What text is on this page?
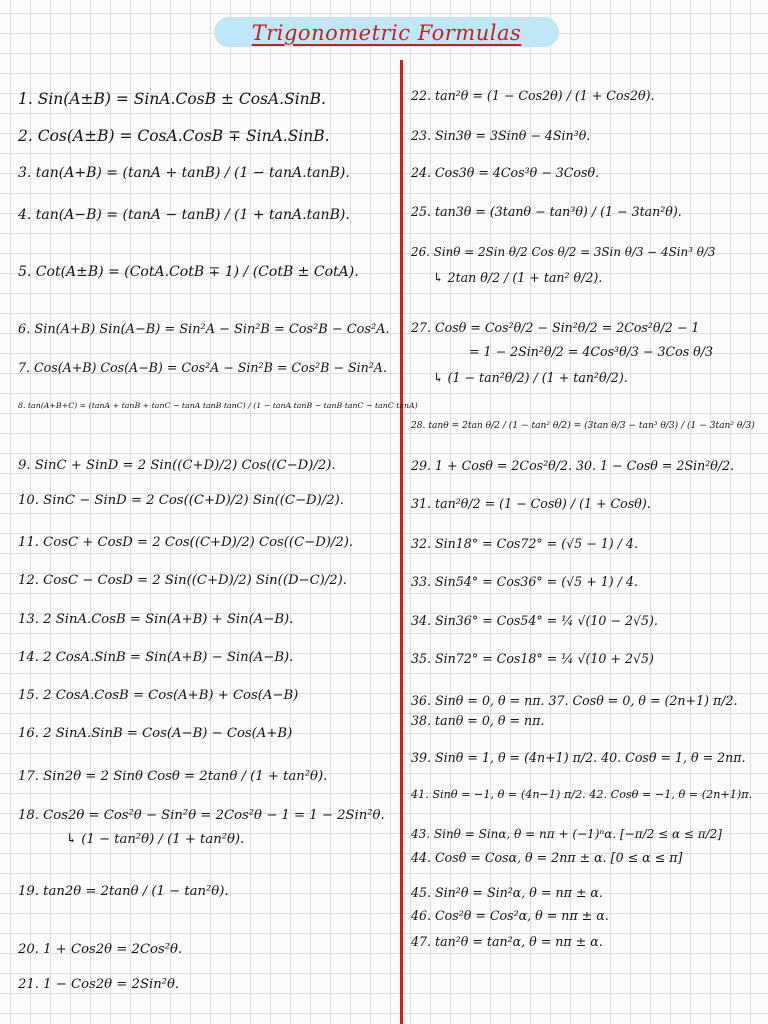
Trigonometric Formulas
1. Sin(A±B) = SinA.CosB ± CosA.SinB.
2. Cos(A±B) = CosA.CosB ∓ SinA.SinB.
3. tan(A+B) = (tanA + tanB) / (1 − tanA.tanB).
4. tan(A−B) = (tanA − tanB) / (1 + tanA.tanB).
5. Cot(A±B) = (CotA.CotB ∓ 1) / (CotB ± CotA).
6. Sin(A+B) Sin(A−B) = Sin²A − Sin²B = Cos²B − Cos²A.
7. Cos(A+B) Cos(A−B) = Cos²A − Sin²B = Cos²B − Sin²A.
8. tan(A+B+C) = (tanA + tanB + tanC − tanA tanB tanC) / (1 − tanA tanB − tanB tanC − tanC tanA)
9. SinC + SinD = 2 Sin((C+D)/2) Cos((C−D)/2).
10. SinC − SinD = 2 Cos((C+D)/2) Sin((C−D)/2).
11. CosC + CosD = 2 Cos((C+D)/2) Cos((C−D)/2).
12. CosC − CosD = 2 Sin((C+D)/2) Sin((D−C)/2).
13. 2 SinA.CosB = Sin(A+B) + Sin(A−B).
14. 2 CosA.SinB = Sin(A+B) − Sin(A−B).
15. 2 CosA.CosB = Cos(A+B) + Cos(A−B)
16. 2 SinA.SinB = Cos(A−B) − Cos(A+B)
17. Sin2θ = 2 Sinθ Cosθ = 2tanθ / (1 + tan²θ).
18. Cos2θ = Cos²θ − Sin²θ = 2Cos²θ − 1 = 1 − 2Sin²θ.
↳ (1 − tan²θ) / (1 + tan²θ).
19. tan2θ = 2tanθ / (1 − tan²θ).
20. 1 + Cos2θ = 2Cos²θ.
21. 1 − Cos2θ = 2Sin²θ.
22. tan²θ = (1 − Cos2θ) / (1 + Cos2θ).
23. Sin3θ = 3Sinθ − 4Sin³θ.
24. Cos3θ = 4Cos³θ − 3Cosθ.
25. tan3θ = (3tanθ − tan³θ) / (1 − 3tan²θ).
26. Sinθ = 2Sin θ/2 Cos θ/2 = 3Sin θ/3 − 4Sin³ θ/3
↳ 2tan θ/2 / (1 + tan² θ/2).
27. Cosθ = Cos²θ/2 − Sin²θ/2 = 2Cos²θ/2 − 1
= 1 − 2Sin²θ/2 = 4Cos³θ/3 − 3Cos θ/3
↳ (1 − tan²θ/2) / (1 + tan²θ/2).
28. tanθ = 2tan θ/2 / (1 − tan² θ/2) = (3tan θ/3 − tan³ θ/3) / (1 − 3tan² θ/3)
29. 1 + Cosθ = 2Cos²θ/2. 30. 1 − Cosθ = 2Sin²θ/2.
31. tan²θ/2 = (1 − Cosθ) / (1 + Cosθ).
32. Sin18° = Cos72° = (√5 − 1) / 4.
33. Sin54° = Cos36° = (√5 + 1) / 4.
34. Sin36° = Cos54° = ¼ √(10 − 2√5).
35. Sin72° = Cos18° = ¼ √(10 + 2√5)
36. Sinθ = 0, θ = nπ. 37. Cosθ = 0, θ = (2n+1) π/2.
38. tanθ = 0, θ = nπ.
39. Sinθ = 1, θ = (4n+1) π/2. 40. Cosθ = 1, θ = 2nπ.
41. Sinθ = −1, θ = (4n−1) π/2. 42. Cosθ = −1, θ = (2n+1)π.
43. Sinθ = Sinα, θ = nπ + (−1)ⁿα. [−π/2 ≤ α ≤ π/2]
44. Cosθ = Cosα, θ = 2nπ ± α. [0 ≤ α ≤ π]
45. Sin²θ = Sin²α, θ = nπ ± α.
46. Cos²θ = Cos²α, θ = nπ ± α.
47. tan²θ = tan²α, θ = nπ ± α.
